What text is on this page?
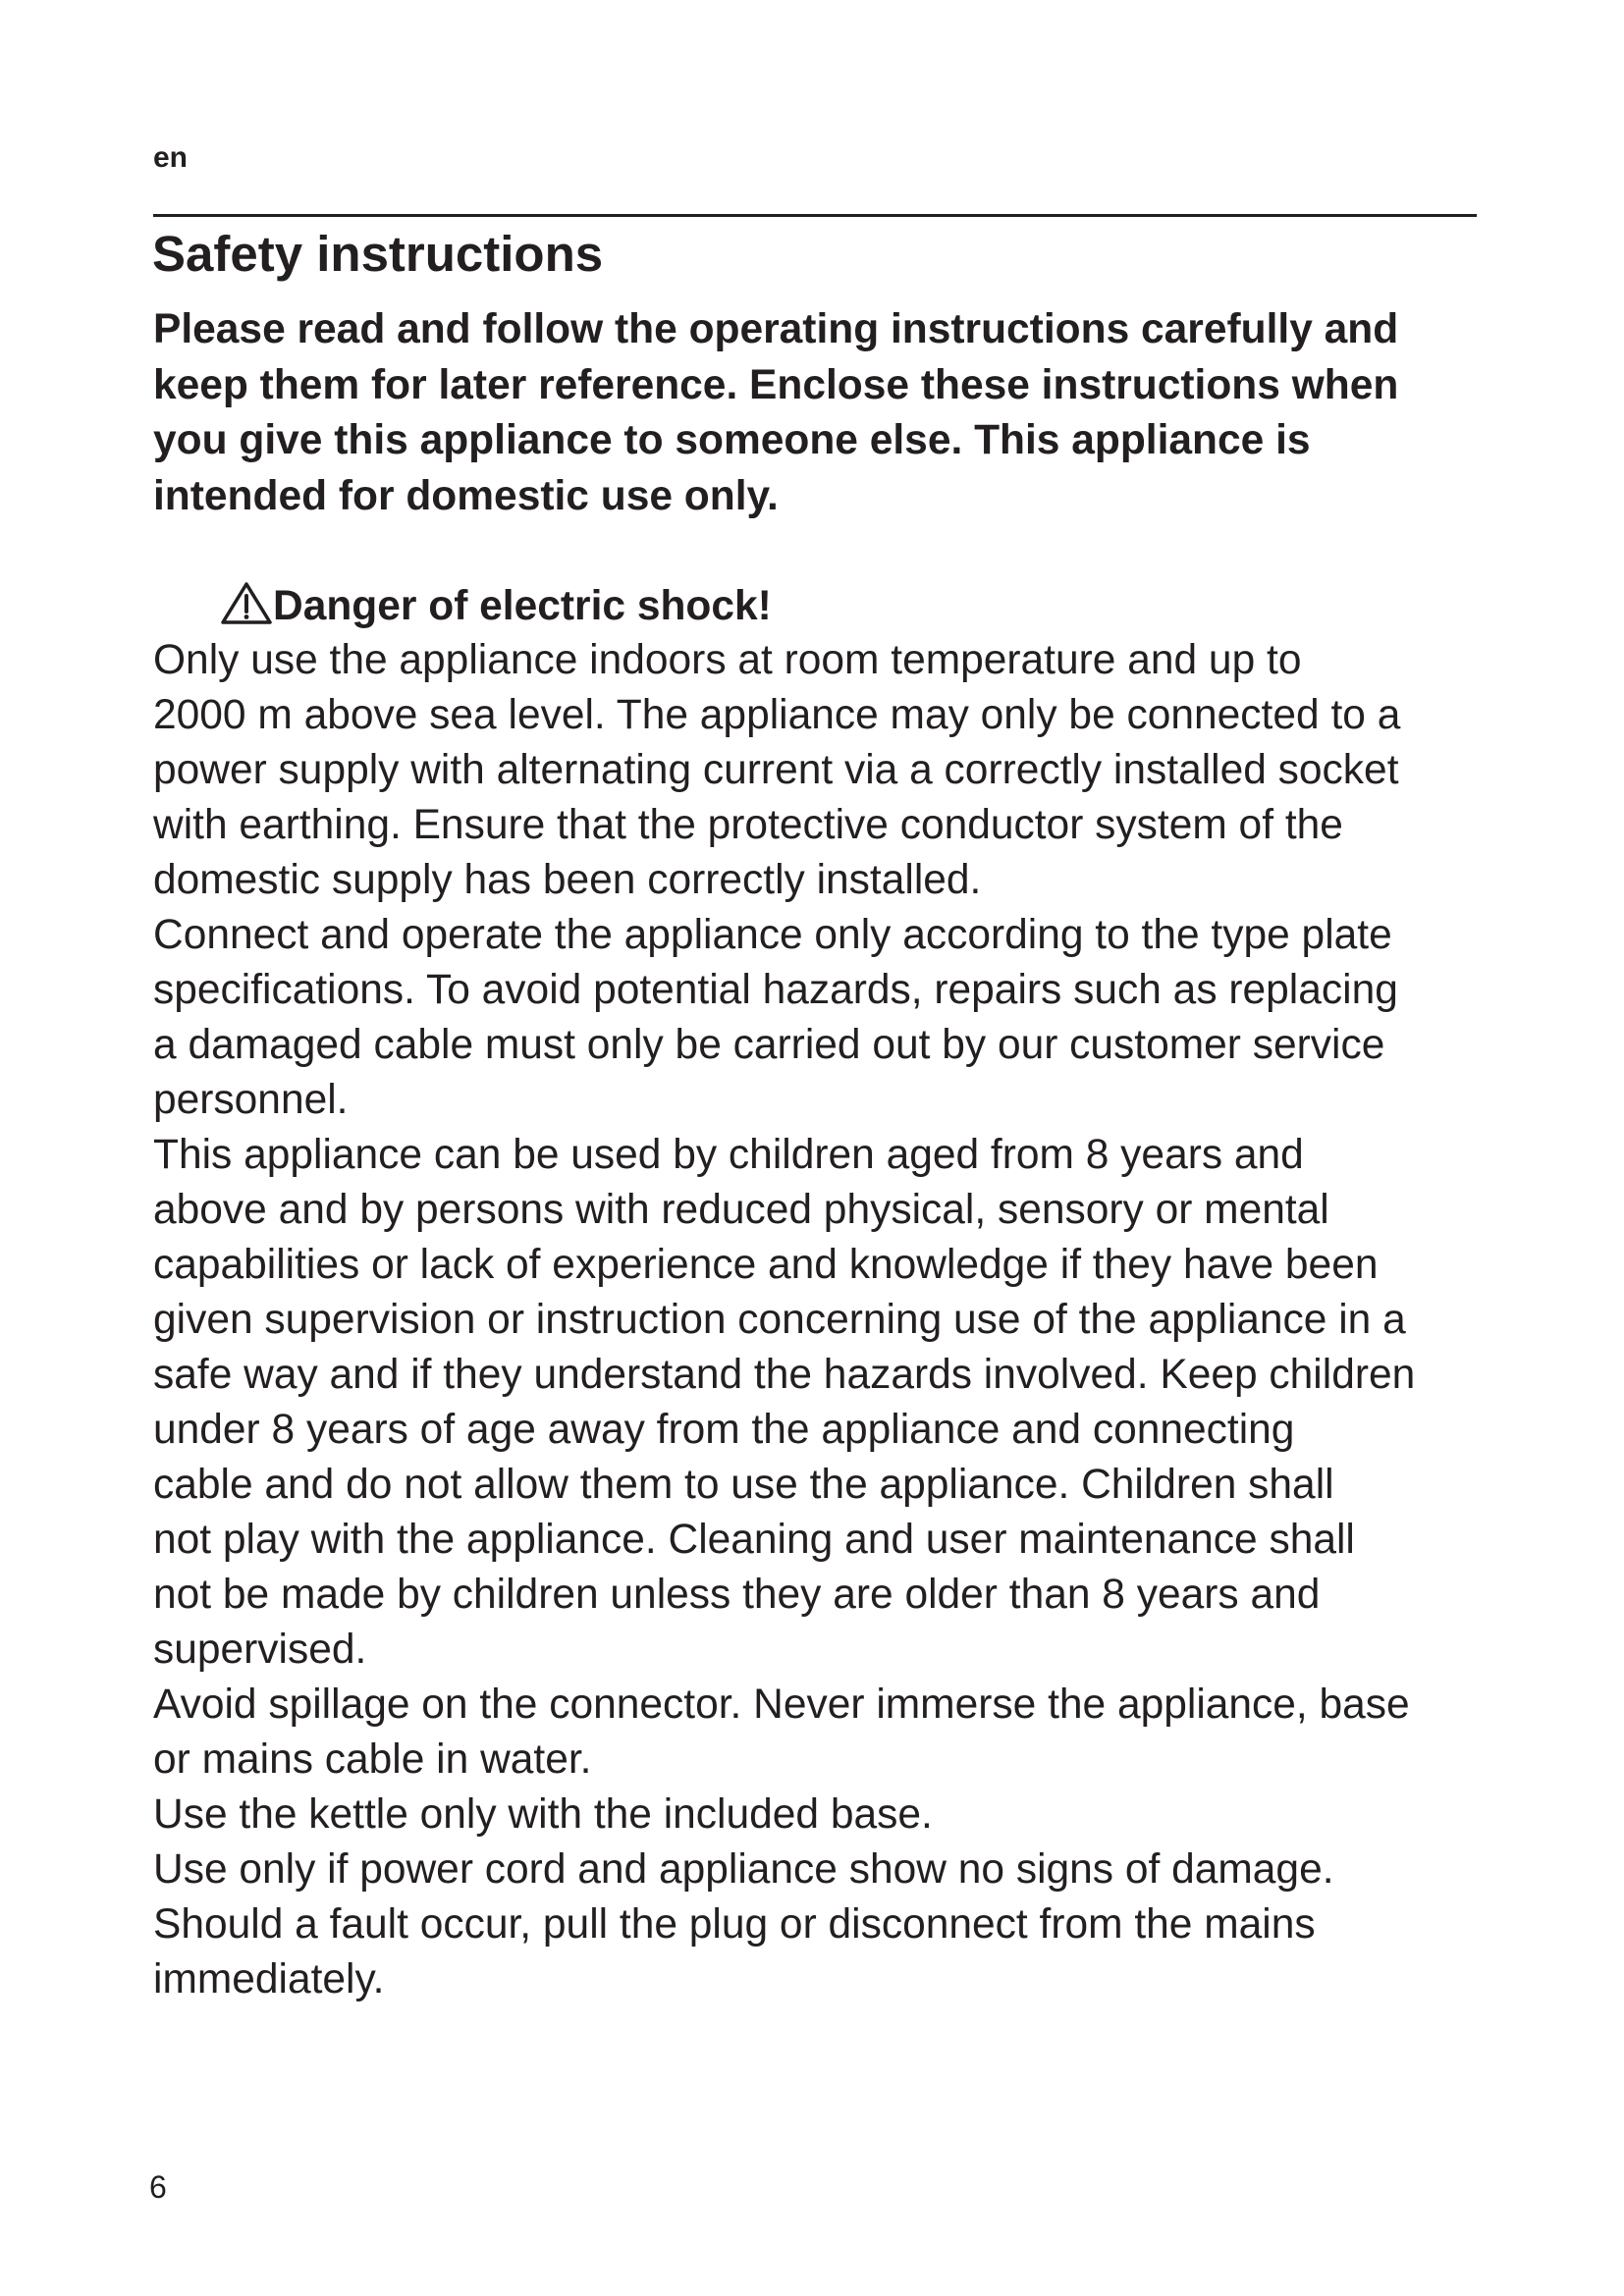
en
Safety instructions

Please read and follow the operating instructions carefully and
keep them for later reference. Enclose these instructions when
you give this appliance to someone else. This appliance is
intended for domestic use only.

Danger of electric shock!
Only use the appliance indoors at room temperature and up to
2000 m above sea level. The appliance may only be connected to a
power supply with alternating current via a correctly installed socket
with earthing. Ensure that the protective conductor system of the
domestic supply has been correctly installed.
Connect and operate the appliance only according to the type plate
specifications. To avoid potential hazards, repairs such as replacing
a damaged cable must only be carried out by our customer service
personnel.
This appliance can be used by children aged from 8 years and
above and by persons with reduced physical, sensory or mental
capabilities or lack of experience and knowledge if they have been
given supervision or instruction concerning use of the appliance in a
safe way and if they understand the hazards involved. Keep children
under 8 years of age away from the appliance and connecting
cable and do not allow them to use the appliance. Children shall
not play with the appliance. Cleaning and user maintenance shall
not be made by children unless they are older than 8 years and
supervised.
Avoid spillage on the connector. Never immerse the appliance, base
or mains cable in water.
Use the kettle only with the included base.
Use only if power cord and appliance show no signs of damage.
Should a fault occur, pull the plug or disconnect from the mains
immediately.
6
